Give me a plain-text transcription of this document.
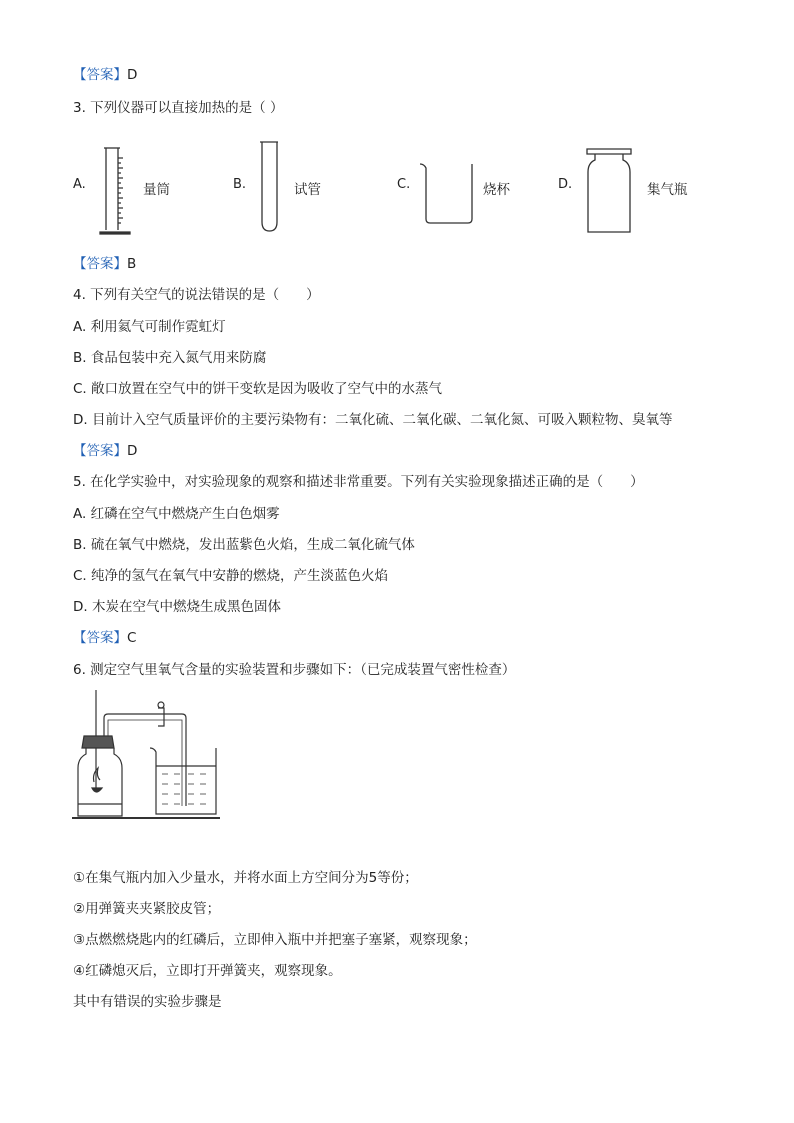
【答案】D
3. 下列仪器可以直接加热的是（ ）
A.	量筒	B.	试管	C.	烧杯	D.	集气瓶
【答案】B
4. 下列有关空气的说法错误的是（　　）
A. 利用氦气可制作霓虹灯
B. 食品包装中充入氮气用来防腐
C. 敞口放置在空气中的饼干变软是因为吸收了空气中的水蒸气
D. 目前计入空气质量评价的主要污染物有：二氧化硫、二氧化碳、二氧化氮、可吸入颗粒物、臭氧等
【答案】D
5. 在化学实验中，对实验现象的观察和描述非常重要。下列有关实验现象描述正确的是（　　）
A. 红磷在空气中燃烧产生白色烟雾
B. 硫在氧气中燃烧，发出蓝紫色火焰，生成二氧化硫气体
C. 纯净的氢气在氧气中安静的燃烧，产生淡蓝色火焰
D. 木炭在空气中燃烧生成黑色固体
【答案】C
6. 测定空气里氧气含量的实验装置和步骤如下：（已完成装置气密性检查）
①在集气瓶内加入少量水，并将水面上方空间分为5等份；
②用弹簧夹夹紧胶皮管；
③点燃燃烧匙内的红磷后，立即伸入瓶中并把塞子塞紧，观察现象；
④红磷熄灭后，立即打开弹簧夹，观察现象。
其中有错误的实验步骤是
